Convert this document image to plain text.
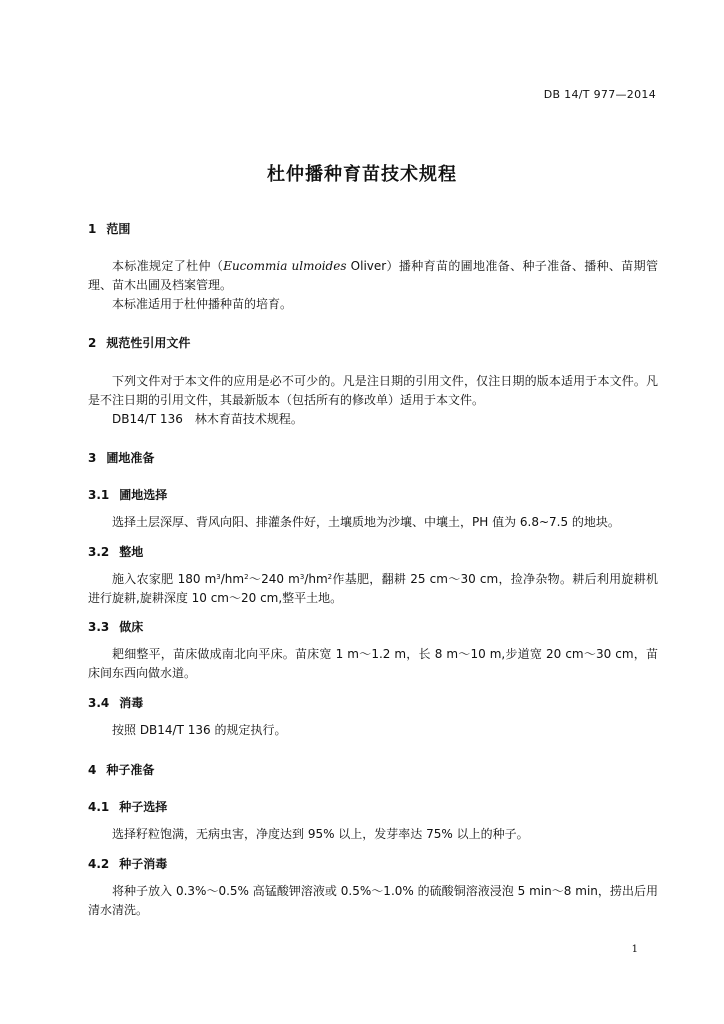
DB 14/T 977—2014
杜仲播种育苗技术规程
1 范围
本标准规定了杜仲（Eucommia ulmoides Oliver）播种育苗的圃地准备、种子准备、播种、苗期管理、苗木出圃及档案管理。
本标准适用于杜仲播种苗的培育。
2 规范性引用文件
下列文件对于本文件的应用是必不可少的。凡是注日期的引用文件，仅注日期的版本适用于本文件。凡是不注日期的引用文件，其最新版本（包括所有的修改单）适用于本文件。
DB14/T 136　林木育苗技术规程。
3 圃地准备
3.1 圃地选择
选择土层深厚、背风向阳、排灌条件好，土壤质地为沙壤、中壤土，PH 值为 6.8~7.5 的地块。
3.2 整地
施入农家肥 180 $m^3/hm^2\sim 240$ $m^3/hm^2$作基肥，翻耕 25 cm～30 cm，捡净杂物。耕后利用旋耕机进行旋耕,旋耕深度 10 cm～20 cm,整平土地。
3.3 做床
耙细整平，苗床做成南北向平床。苗床宽 1 m～1.2 m，长 8 m～10 m,步道宽 20 cm～30 cm，苗床间东西向做水道。
3.4 消毒
按照 DB14/T 136 的规定执行。
4 种子准备
4.1 种子选择
选择籽粒饱满，无病虫害，净度达到 95% 以上，发芽率达 75% 以上的种子。
4.2 种子消毒
将种子放入 0.3%～0.5% 高锰酸钾溶液或 0.5%～1.0% 的硫酸铜溶液浸泡 5 min～8 min，捞出后用清水清洗。
1
